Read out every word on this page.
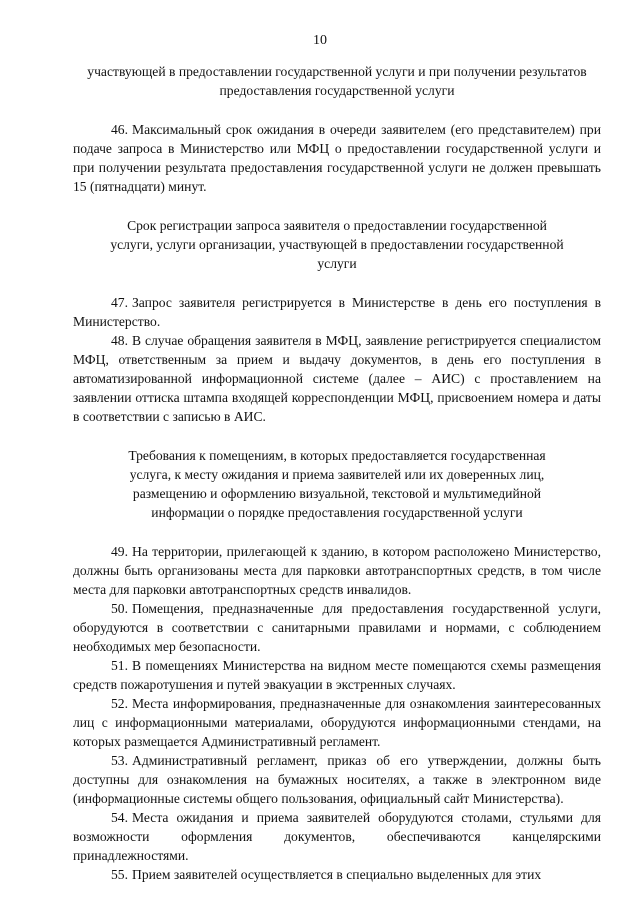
10
участвующей в предоставлении государственной услуги и при получении результатов предоставления государственной услуги

46. Максимальный срок ожидания в очереди заявителем (его представителем) при подаче запроса в Министерство или МФЦ о предоставлении государственной услуги и при получении результата предоставления государственной услуги не должен превышать 15 (пятнадцати) минут.

Срок регистрации запроса заявителя о предоставлении государственной услуги, услуги организации, участвующей в предоставлении государственной услуги

47. Запрос заявителя регистрируется в Министерстве в день его поступления в Министерство.

48. В случае обращения заявителя в МФЦ, заявление регистрируется специалистом МФЦ, ответственным за прием и выдачу документов, в день его поступления в автоматизированной информационной системе (далее – АИС) с проставлением на заявлении оттиска штампа входящей корреспонденции МФЦ, присвоением номера и даты в соответствии с записью в АИС.

Требования к помещениям, в которых предоставляется государственная услуга, к месту ожидания и приема заявителей или их доверенных лиц, размещению и оформлению визуальной, текстовой и мультимедийной информации о порядке предоставления государственной услуги

49. На территории, прилегающей к зданию, в котором расположено Министерство, должны быть организованы места для парковки автотранспортных средств, в том числе места для парковки автотранспортных средств инвалидов.

50. Помещения, предназначенные для предоставления государственной услуги, оборудуются в соответствии с санитарными правилами и нормами, с соблюдением необходимых мер безопасности.

51. В помещениях Министерства на видном месте помещаются схемы размещения средств пожаротушения и путей эвакуации в экстренных случаях.

52. Места информирования, предназначенные для ознакомления заинтересованных лиц с информационными материалами, оборудуются информационными стендами, на которых размещается Административный регламент.

53. Административный регламент, приказ об его утверждении, должны быть доступны для ознакомления на бумажных носителях, а также в электронном виде (информационные системы общего пользования, официальный сайт Министерства).

54. Места ожидания и приема заявителей оборудуются столами, стульями для возможности оформления документов, обеспечиваются канцелярскими принадлежностями.

55. Прием заявителей осуществляется в специально выделенных для этих
